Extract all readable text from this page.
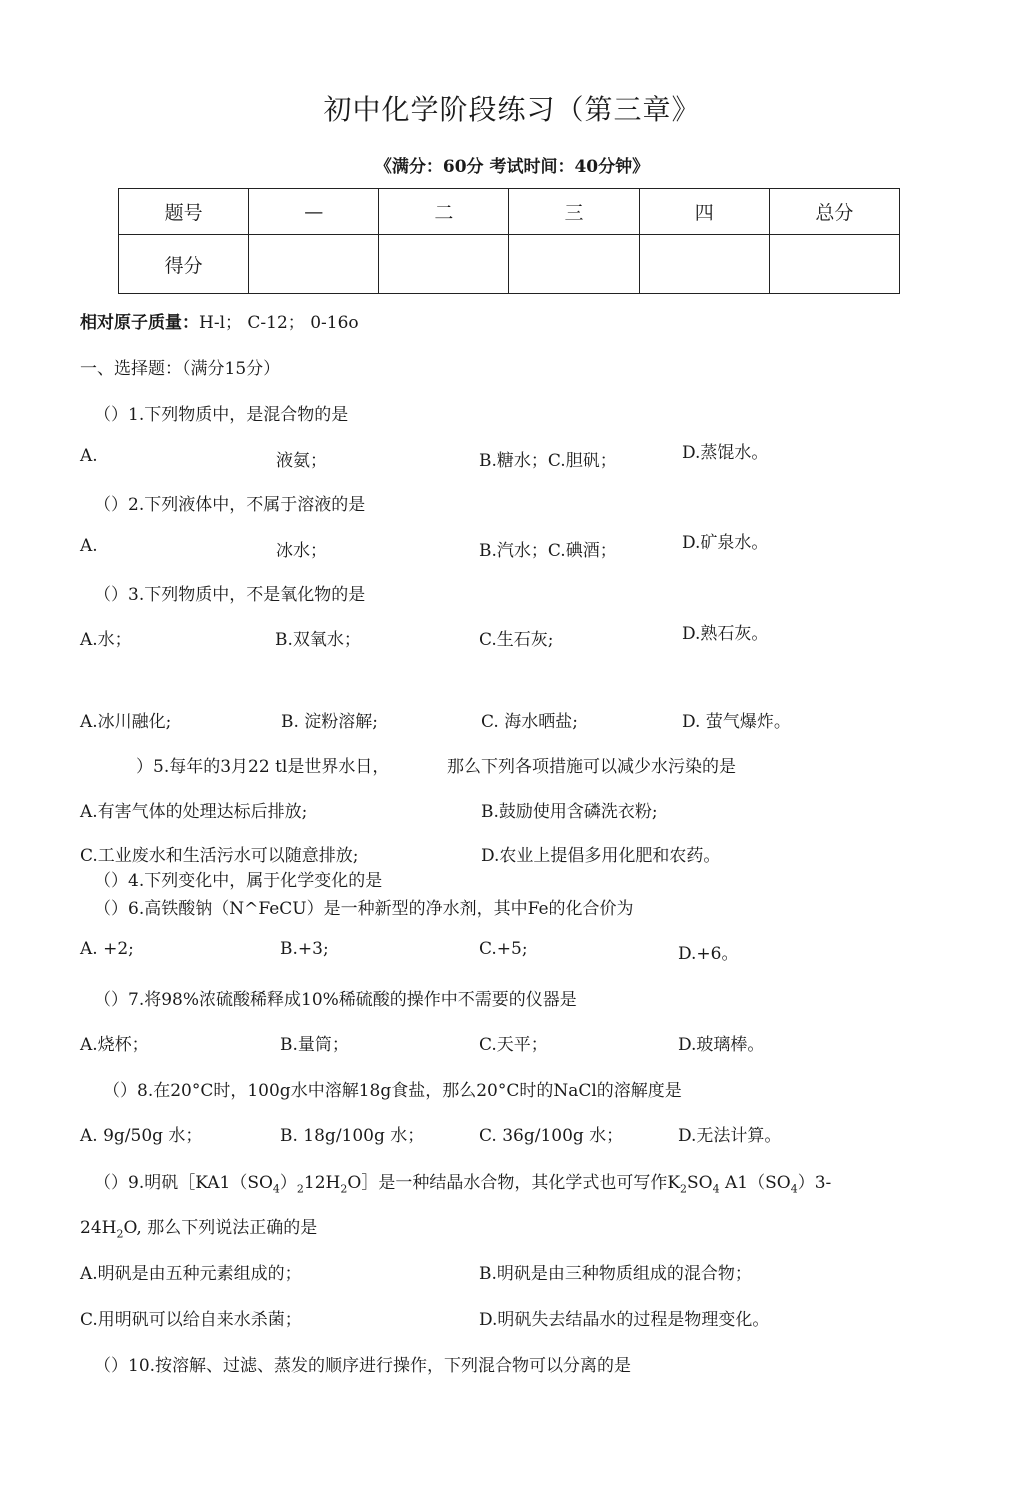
初中化学阶段练习（第三章》
《满分：60分 考试时间：40分钟》
题号	—	二	三	四	总分
得分					
相对原子质量：H-l； C-12； 0-16o
一、选择题：（满分15分）
（）1.下列物质中，是混合物的是
A.	液氨；	B.糖水；C.胆矾；	D.蒸馄水。
（）2.下列液体中，不属于溶液的是
A.	冰水；	B.汽水；C.碘酒；	D.矿泉水。
（）3.下列物质中，不是氧化物的是
A.水；	B.双氧水；	C.生石灰;	D.熟石灰。
A.冰川融化;	B. 淀粉溶解;	C. 海水晒盐;	D. 萤气爆炸。
）5.每年的3月22 tl是世界水日，	那么下列各项措施可以减少水污染的是
A.有害气体的处理达标后排放;	B.鼓励使用含磷洗衣粉;
C.工业废水和生活污水可以随意排放;	D.农业上提倡多用化肥和农药。
（）4.下列变化中，属于化学变化的是
（）6.高铁酸钠（N^FeCU）是一种新型的净水剂，其中Fe的化合价为
A. +2;	B.+3;	C.+5;	D.+6。
（）7.将98%浓硫酸稀释成10%稀硫酸的操作中不需要的仪器是
A.烧杯；	B.量筒；	C.天平；	D.玻璃棒。
（）8.在20°C时，100g水中溶解18g食盐，那么20°C时的NaCl的溶解度是
A. 9g/50g 水；	B. 18g/100g 水；	C. 36g/100g 水；	D.无法计算。
（）9.明矾$[KA1(SO_4)_212H_2O]$是一种结晶水合物，其化学式也可写作$K_2SO_4$ $A1(SO_4)3-$
$24H_2O$, 那么下列说法正确的是
A.明矾是由五种元素组成的；	B.明矾是由三种物质组成的混合物；
C.用明矾可以给自来水杀菌；	D.明矾失去结晶水的过程是物理变化。
（）10.按溶解、过滤、蒸发的顺序进行操作，下列混合物可以分离的是
